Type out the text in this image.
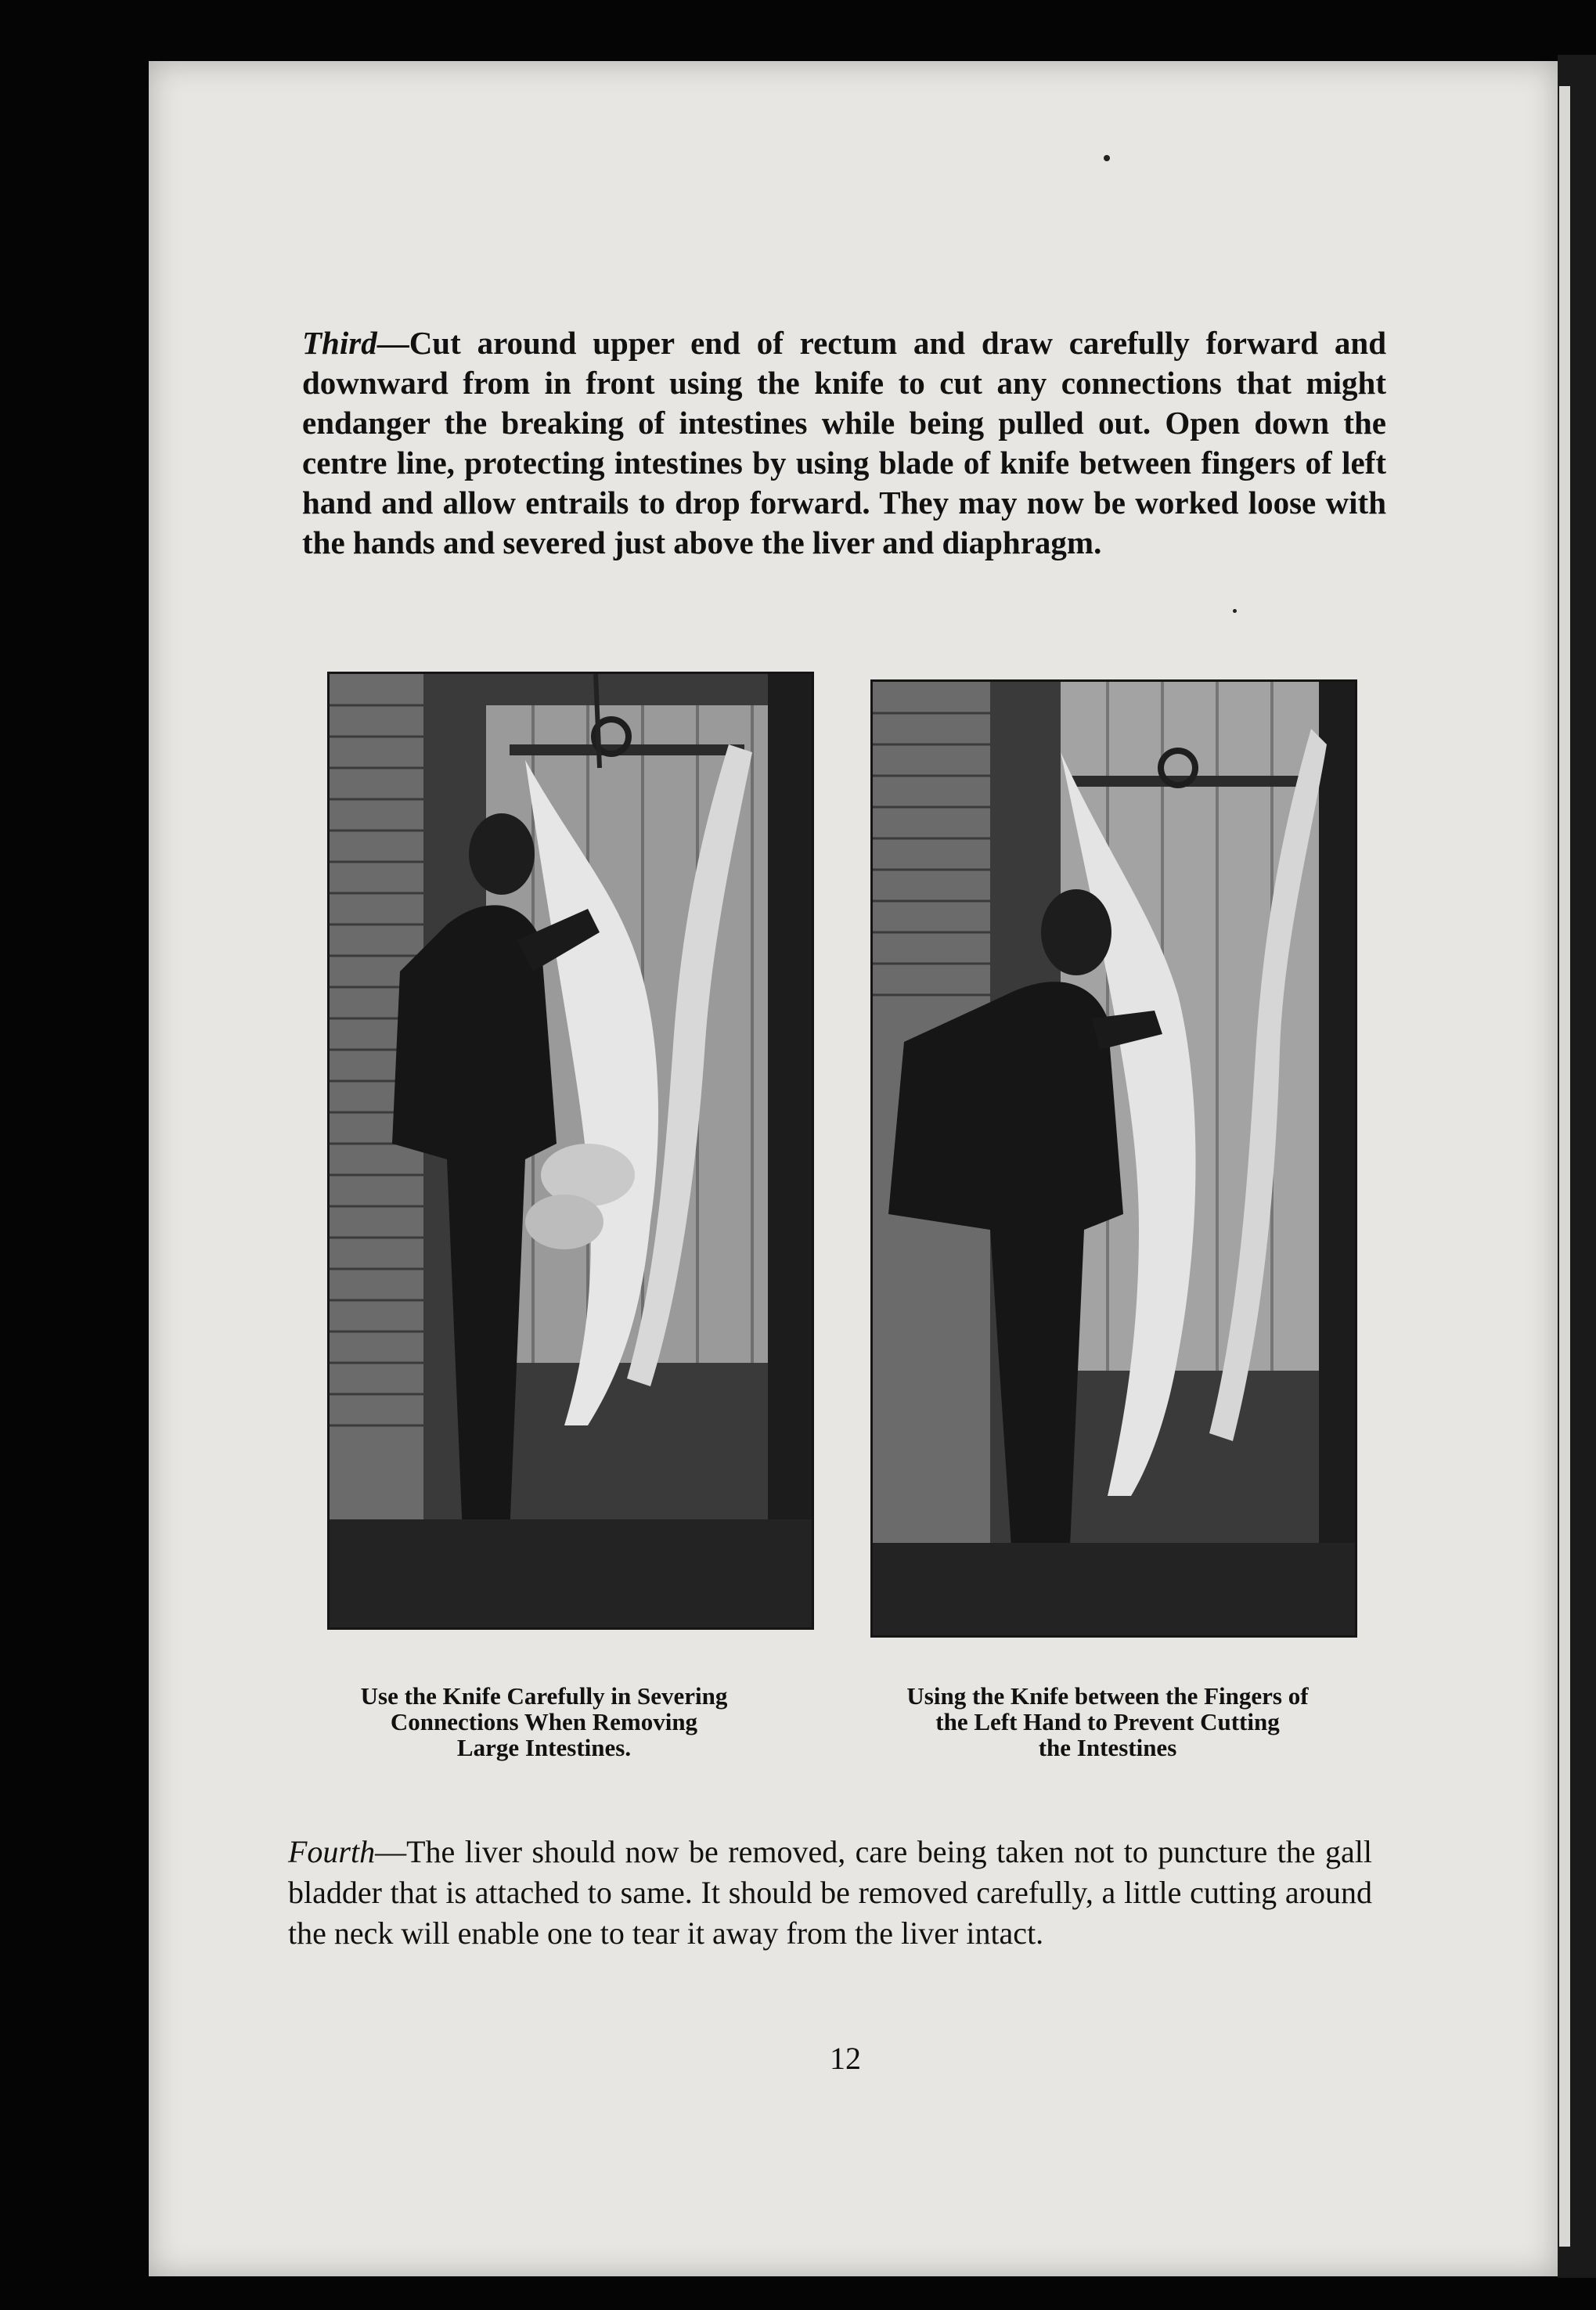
Third—Cut around upper end of rectum and draw carefully forward and downward from in front using the knife to cut any connections that might endanger the breaking of intestines while being pulled out. Open down the centre line, protecting intestines by using blade of knife between fingers of left hand and allow entrails to drop forward. They may now be worked loose with the hands and severed just above the liver and diaphragm.

Use the Knife Carefully in Severing
Connections When Removing
Large Intestines.

Using the Knife between the Fingers of
the Left Hand to Prevent Cutting
the Intestines

Fourth—The liver should now be removed, care being taken not to puncture the gall bladder that is attached to same. It should be removed carefully, a little cutting around the neck will enable one to tear it away from the liver intact.

12
